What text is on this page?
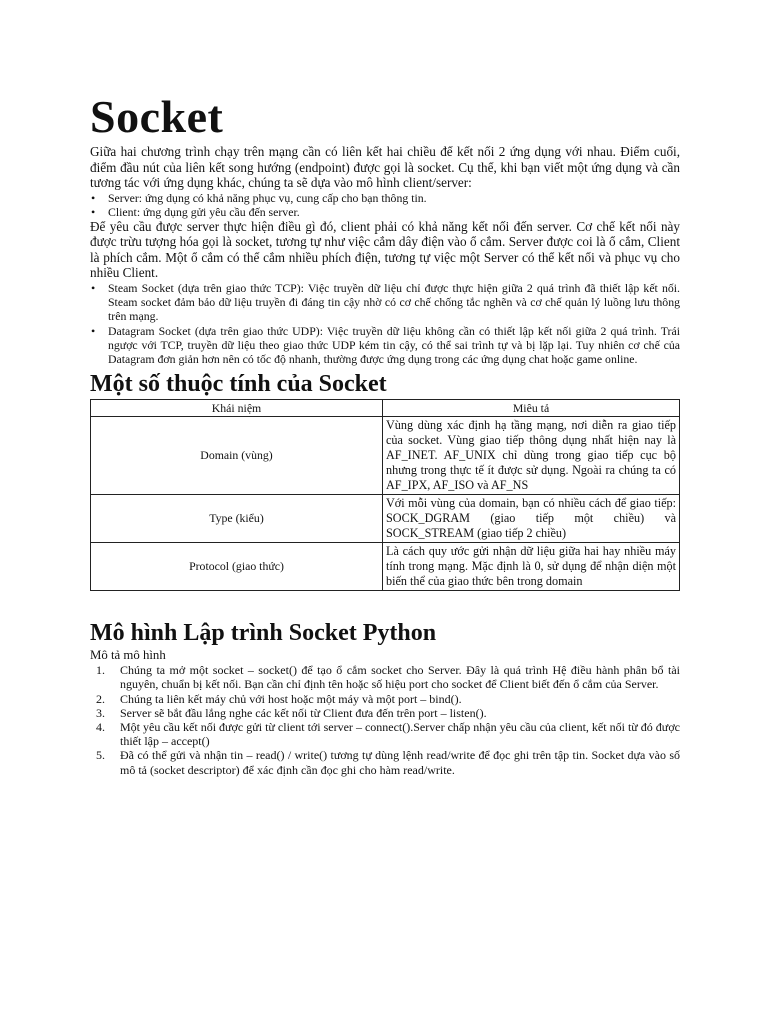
Socket

Giữa hai chương trình chạy trên mạng cần có liên kết hai chiều để kết nối 2 ứng dụng với nhau. Điểm cuối, điểm đầu nút của liên kết song hướng (endpoint) được gọi là socket. Cụ thể, khi bạn viết một ứng dụng và cần tương tác với ứng dụng khác, chúng ta sẽ dựa vào mô hình client/server:

• Server: ứng dụng có khả năng phục vụ, cung cấp cho bạn thông tin.
• Client: ứng dụng gửi yêu cầu đến server.

Để yêu cầu được server thực hiện điều gì đó, client phải có khả năng kết nối đến server. Cơ chế kết nối này được trừu tượng hóa gọi là socket, tương tự như việc cắm dây điện vào ổ cắm. Server được coi là ổ cắm, Client là phích cắm. Một ổ cắm có thể cắm nhiều phích điện, tương tự việc một Server có thể kết nối và phục vụ cho nhiều Client.

• Steam Socket (dựa trên giao thức TCP): Việc truyền dữ liệu chỉ được thực hiện giữa 2 quá trình đã thiết lập kết nối. Steam socket đảm bảo dữ liệu truyền đi đáng tin cậy nhờ có cơ chế chống tắc nghẽn và cơ chế quản lý luồng lưu thông trên mạng.
• Datagram Socket (dựa trên giao thức UDP): Việc truyền dữ liệu không cần có thiết lập kết nối giữa 2 quá trình. Trái ngược với TCP, truyền dữ liệu theo giao thức UDP kém tin cậy, có thể sai trình tự và bị lặp lại. Tuy nhiên cơ chế của Datagram đơn giản hơn nên có tốc độ nhanh, thường được ứng dụng trong các ứng dụng chat hoặc game online.
Một số thuộc tính của Socket
Khái niệm	Miêu tả
Domain (vùng)	Vùng dùng xác định hạ tầng mạng, nơi diễn ra giao tiếp của socket. Vùng giao tiếp thông dụng nhất hiện nay là AF_INET. AF_UNIX chỉ dùng trong giao tiếp cục bộ nhưng trong thực tế ít được sử dụng. Ngoài ra chúng ta có AF_IPX, AF_ISO và AF_NS
Type (kiểu)	Với mỗi vùng của domain, bạn có nhiều cách để giao tiếp: SOCK_DGRAM (giao tiếp một chiều) và SOCK_STREAM (giao tiếp 2 chiều)
Protocol (giao thức)	Là cách quy ước gửi nhận dữ liệu giữa hai hay nhiều máy tính trong mạng. Mặc định là 0, sử dụng để nhận diện một biến thể của giao thức bên trong domain
Mô hình Lập trình Socket Python

Mô tả mô hình

1. Chúng ta mở một socket – socket() để tạo ổ cắm socket cho Server. Đây là quá trình Hệ điều hành phân bổ tài nguyên, chuẩn bị kết nối. Bạn cần chỉ định tên hoặc số hiệu port cho socket để Client biết đến ổ cắm của Server.
2. Chúng ta liên kết máy chủ với host hoặc một máy và một port – bind().
3. Server sẽ bắt đầu lắng nghe các kết nối từ Client đưa đến trên port – listen().
4. Một yêu cầu kết nối được gửi từ client tới server – connect().Server chấp nhận yêu cầu của client, kết nối từ đó được thiết lập – accept()
5. Đã có thể gửi và nhận tin – read() / write() tương tự dùng lệnh read/write để đọc ghi trên tập tin. Socket dựa vào số mô tả (socket descriptor) để xác định cần đọc ghi cho hàm read/write.
